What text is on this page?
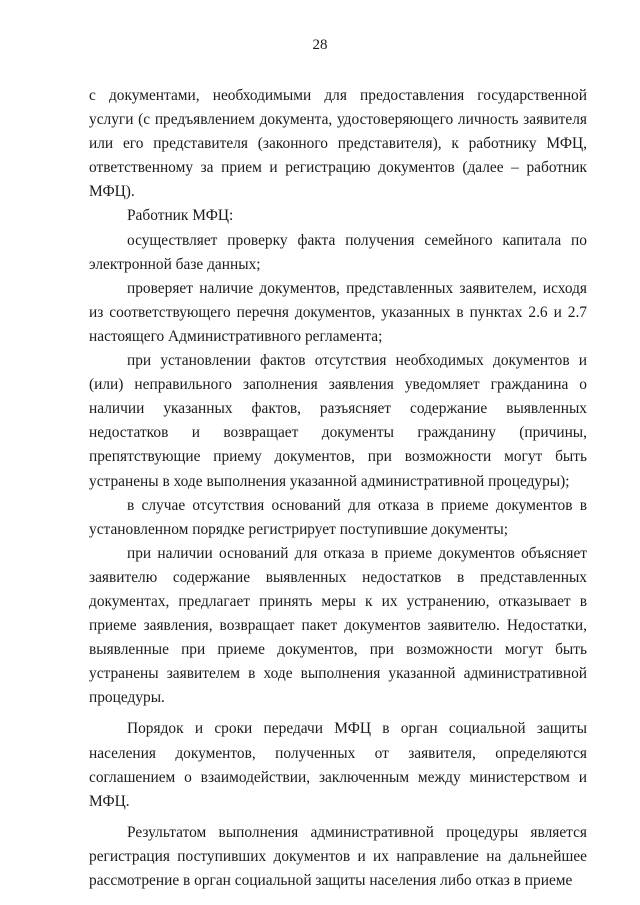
28

с документами, необходимыми для предоставления государственной услуги (с предъявлением документа, удостоверяющего личность заявителя или его представителя (законного представителя), к работнику МФЦ, ответственному за прием и регистрацию документов (далее – работник МФЦ).

Работник МФЦ:

осуществляет проверку факта получения семейного капитала по электронной базе данных;

проверяет наличие документов, представленных заявителем, исходя из соответствующего перечня документов, указанных в пунктах 2.6 и 2.7 настоящего Административного регламента;

при установлении фактов отсутствия необходимых документов и (или) неправильного заполнения заявления уведомляет гражданина о наличии указанных фактов, разъясняет содержание выявленных недостатков и возвращает документы гражданину (причины, препятствующие приему документов, при возможности могут быть устранены в ходе выполнения указанной административной процедуры);

в случае отсутствия оснований для отказа в приеме документов в установленном порядке регистрирует поступившие документы;

при наличии оснований для отказа в приеме документов объясняет заявителю содержание выявленных недостатков в представленных документах, предлагает принять меры к их устранению, отказывает в приеме заявления, возвращает пакет документов заявителю. Недостатки, выявленные при приеме документов, при возможности могут быть устранены заявителем в ходе выполнения указанной административной процедуры.

Порядок и сроки передачи МФЦ в орган социальной защиты населения документов, полученных от заявителя, определяются соглашением о взаимодействии, заключенным между министерством и МФЦ.

Результатом выполнения административной процедуры является регистрация поступивших документов и их направление на дальнейшее рассмотрение в орган социальной защиты населения либо отказ в приеме
